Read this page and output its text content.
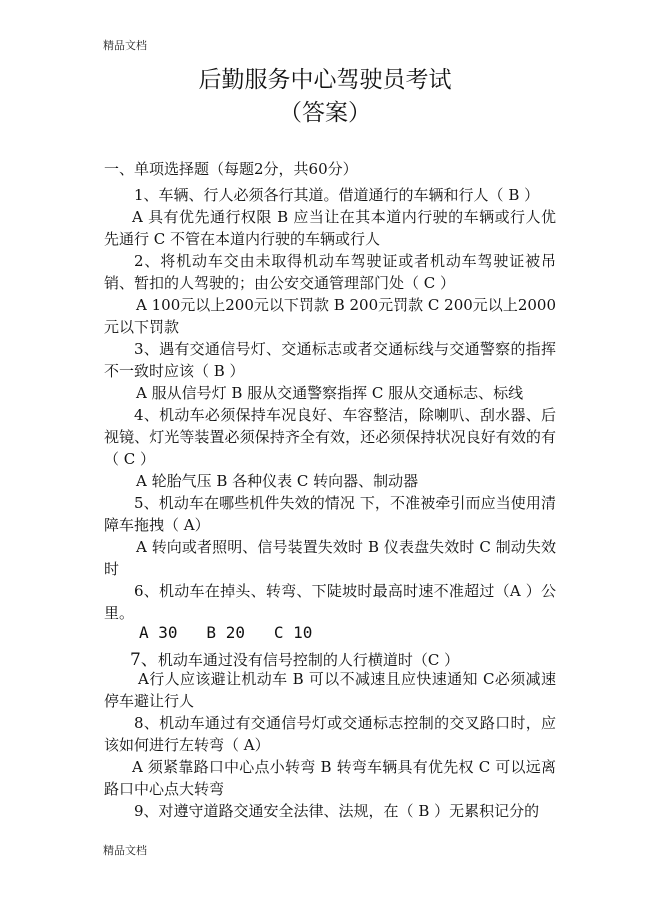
精品文档
后勤服务中心驾驶员考试
（答案）
一、单项选择题（每题2分，共60分）
1、车辆、行人必须各行其道。借道通行的车辆和行人（ B ）
A 具有优先通行权限 B 应当让在其本道内行驶的车辆或行人优先通行 C 不管在本道内行驶的车辆或行人
2、将机动车交由未取得机动车驾驶证或者机动车驾驶证被吊销、暂扣的人驾驶的；由公安交通管理部门处（ C ）
A 100元以上200元以下罚款 B 200元罚款 C 200元以上2000元以下罚款
3、遇有交通信号灯、交通标志或者交通标线与交通警察的指挥不一致时应该（ B ）
A 服从信号灯 B 服从交通警察指挥 C 服从交通标志、标线
4、机动车必须保持车况良好、车容整洁，除喇叭、刮水器、后视镜、灯光等装置必须保持齐全有效，还必须保持状况良好有效的有（ C ）
A 轮胎气压 B 各种仪表 C 转向器、制动器
5、机动车在哪些机件失效的情况 下，不准被牵引而应当使用清障车拖拽（ A）
A 转向或者照明、信号装置失效时 B 仪表盘失效时 C 制动失效时
6、机动车在掉头、转弯、下陡坡时最高时速不准超过（A ）公里。
A 30   B 20   C 10
7、机动车通过没有信号控制的人行横道时（C ）
A行人应该避让机动车 B 可以不减速且应快速通知 C必须减速停车避让行人
8、机动车通过有交通信号灯或交通标志控制的交叉路口时，应该如何进行左转弯（ A）
A 须紧靠路口中心点小转弯 B 转弯车辆具有优先权 C 可以远离路口中心点大转弯
9、对遵守道路交通安全法律、法规，在（ B ）无累积记分的
精品文档
